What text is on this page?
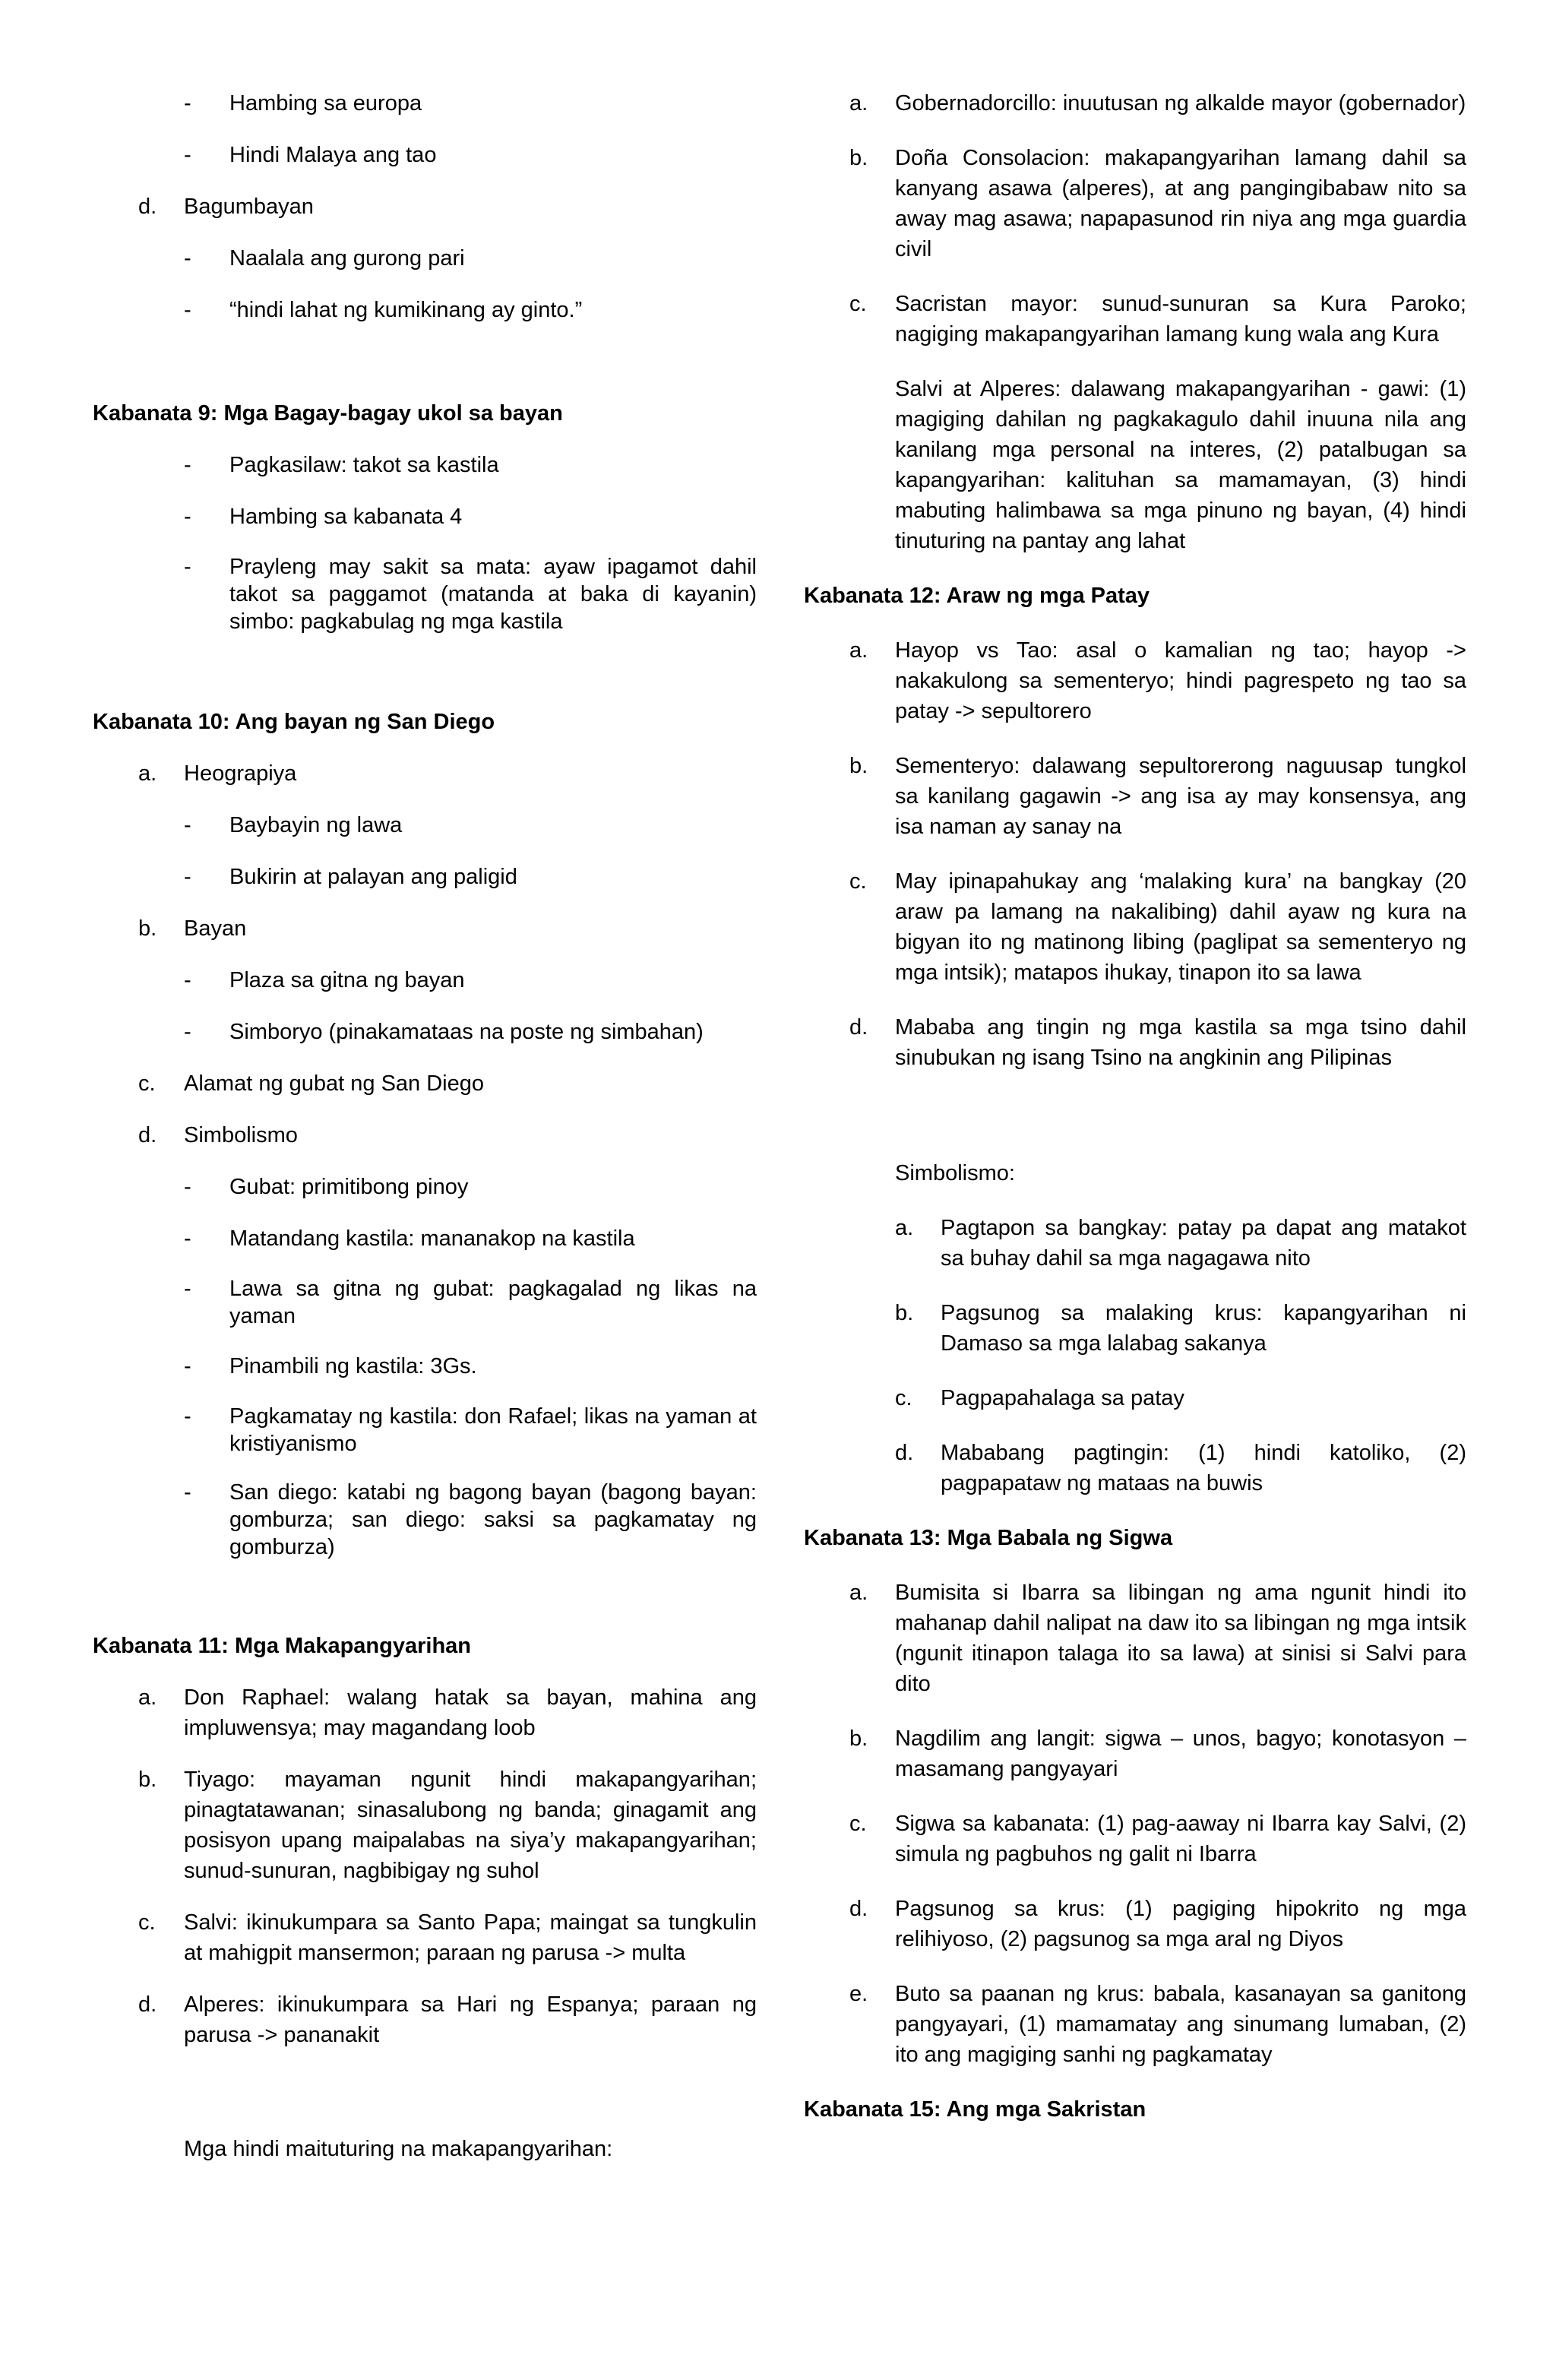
- Hambing sa europa
- Hindi Malaya ang tao
d. Bagumbayan
- Naalala ang gurong pari
- “hindi lahat ng kumikinang ay ginto.”
Kabanata 9: Mga Bagay-bagay ukol sa bayan
- Pagkasilaw: takot sa kastila
- Hambing sa kabanata 4
- Prayleng may sakit sa mata: ayaw ipagamot dahil takot sa paggamot (matanda at baka di kayanin) simbo: pagkabulag ng mga kastila
Kabanata 10: Ang bayan ng San Diego
a. Heograpiya
- Baybayin ng lawa
- Bukirin at palayan ang paligid
b. Bayan
- Plaza sa gitna ng bayan
- Simboryo (pinakamataas na poste ng simbahan)
c. Alamat ng gubat ng San Diego
d. Simbolismo
- Gubat: primitibong pinoy
- Matandang kastila: mananakop na kastila
- Lawa sa gitna ng gubat: pagkagalad ng likas na yaman
- Pinambili ng kastila: 3Gs.
- Pagkamatay ng kastila: don Rafael; likas na yaman at kristiyanismo
- San diego: katabi ng bagong bayan (bagong bayan: gomburza; san diego: saksi sa pagkamatay ng gomburza)
Kabanata 11: Mga Makapangyarihan
a. Don Raphael: walang hatak sa bayan, mahina ang impluwensya; may magandang loob
b. Tiyago: mayaman ngunit hindi makapangyarihan; pinagtatawanan; sinasalubong ng banda; ginagamit ang posisyon upang maipalabas na siya’y makapangyarihan; sunud-sunuran, nagbibigay ng suhol
c. Salvi: ikinukumpara sa Santo Papa; maingat sa tungkulin at mahigpit mansermon; paraan ng parusa -> multa
d. Alperes: ikinukumpara sa Hari ng Espanya; paraan ng parusa -> pananakit
Mga hindi maituturing na makapangyarihan:
a. Gobernadorcillo: inuutusan ng alkalde mayor (gobernador)
b. Doña Consolacion: makapangyarihan lamang dahil sa kanyang asawa (alperes), at ang pangingibabaw nito sa away mag asawa; napapasunod rin niya ang mga guardia civil
c. Sacristan mayor: sunud-sunuran sa Kura Paroko; nagiging makapangyarihan lamang kung wala ang Kura
Salvi at Alperes: dalawang makapangyarihan - gawi: (1) magiging dahilan ng pagkakagulo dahil inuuna nila ang kanilang mga personal na interes, (2) patalbugan sa kapangyarihan: kalituhan sa mamamayan, (3) hindi mabuting halimbawa sa mga pinuno ng bayan, (4) hindi tinuturing na pantay ang lahat
Kabanata 12: Araw ng mga Patay
a. Hayop vs Tao: asal o kamalian ng tao; hayop -> nakakulong sa sementeryo; hindi pagrespeto ng tao sa patay -> sepultorero
b. Sementeryo: dalawang sepultorerong naguusap tungkol sa kanilang gagawin -> ang isa ay may konsensya, ang isa naman ay sanay na
c. May ipinapahukay ang ‘malaking kura’ na bangkay (20 araw pa lamang na nakalibing) dahil ayaw ng kura na bigyan ito ng matinong libing (paglipat sa sementeryo ng mga intsik); matapos ihukay, tinapon ito sa lawa
d. Mababa ang tingin ng mga kastila sa mga tsino dahil sinubukan ng isang Tsino na angkinin ang Pilipinas
Simbolismo:
a. Pagtapon sa bangkay: patay pa dapat ang matakot sa buhay dahil sa mga nagagawa nito
b. Pagsunog sa malaking krus: kapangyarihan ni Damaso sa mga lalabag sakanya
c. Pagpapahalaga sa patay
d. Mababang pagtingin: (1) hindi katoliko, (2) pagpapataw ng mataas na buwis
Kabanata 13: Mga Babala ng Sigwa
a. Bumisita si Ibarra sa libingan ng ama ngunit hindi ito mahanap dahil nalipat na daw ito sa libingan ng mga intsik (ngunit itinapon talaga ito sa lawa) at sinisi si Salvi para dito
b. Nagdilim ang langit: sigwa – unos, bagyo; konotasyon – masamang pangyayari
c. Sigwa sa kabanata: (1) pag-aaway ni Ibarra kay Salvi, (2) simula ng pagbuhos ng galit ni Ibarra
d. Pagsunog sa krus: (1) pagiging hipokrito ng mga relihiyoso, (2) pagsunog sa mga aral ng Diyos
e. Buto sa paanan ng krus: babala, kasanayan sa ganitong pangyayari, (1) mamamatay ang sinumang lumaban, (2) ito ang magiging sanhi ng pagkamatay
Kabanata 15: Ang mga Sakristan
